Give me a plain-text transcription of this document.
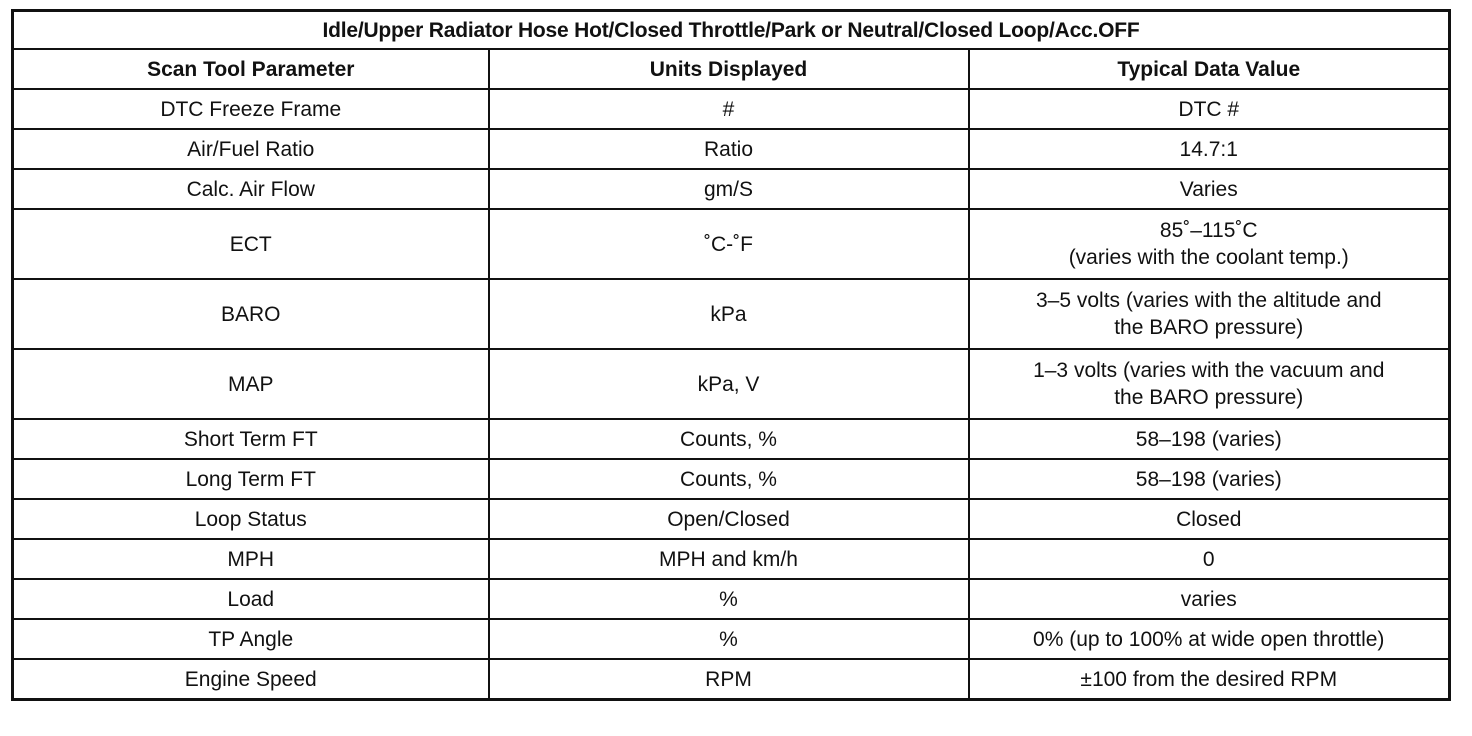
Idle/Upper Radiator Hose Hot/Closed Throttle/Park or Neutral/Closed Loop/Acc.OFF		
Scan Tool Parameter	Units Displayed	Typical Data Value
DTC Freeze Frame	#	DTC #
Air/Fuel Ratio	Ratio	14.7:1
Calc. Air Flow	gm/S	Varies
ECT	˚C-˚F	85˚–115˚C
(varies with the coolant temp.)

BARO	kPa	3–5 volts (varies with the altitude and
the BARO pressure)

MAP	kPa, V	1–3 volts (varies with the vacuum and
the BARO pressure)

Short Term FT	Counts, %	58–198 (varies)
Long Term FT	Counts, %	58–198 (varies)
Loop Status	Open/Closed	Closed
MPH	MPH and km/h	0
Load	%	varies
TP Angle	%	0% (up to 100% at wide open throttle)
Engine Speed	RPM	±100 from the desired RPM
